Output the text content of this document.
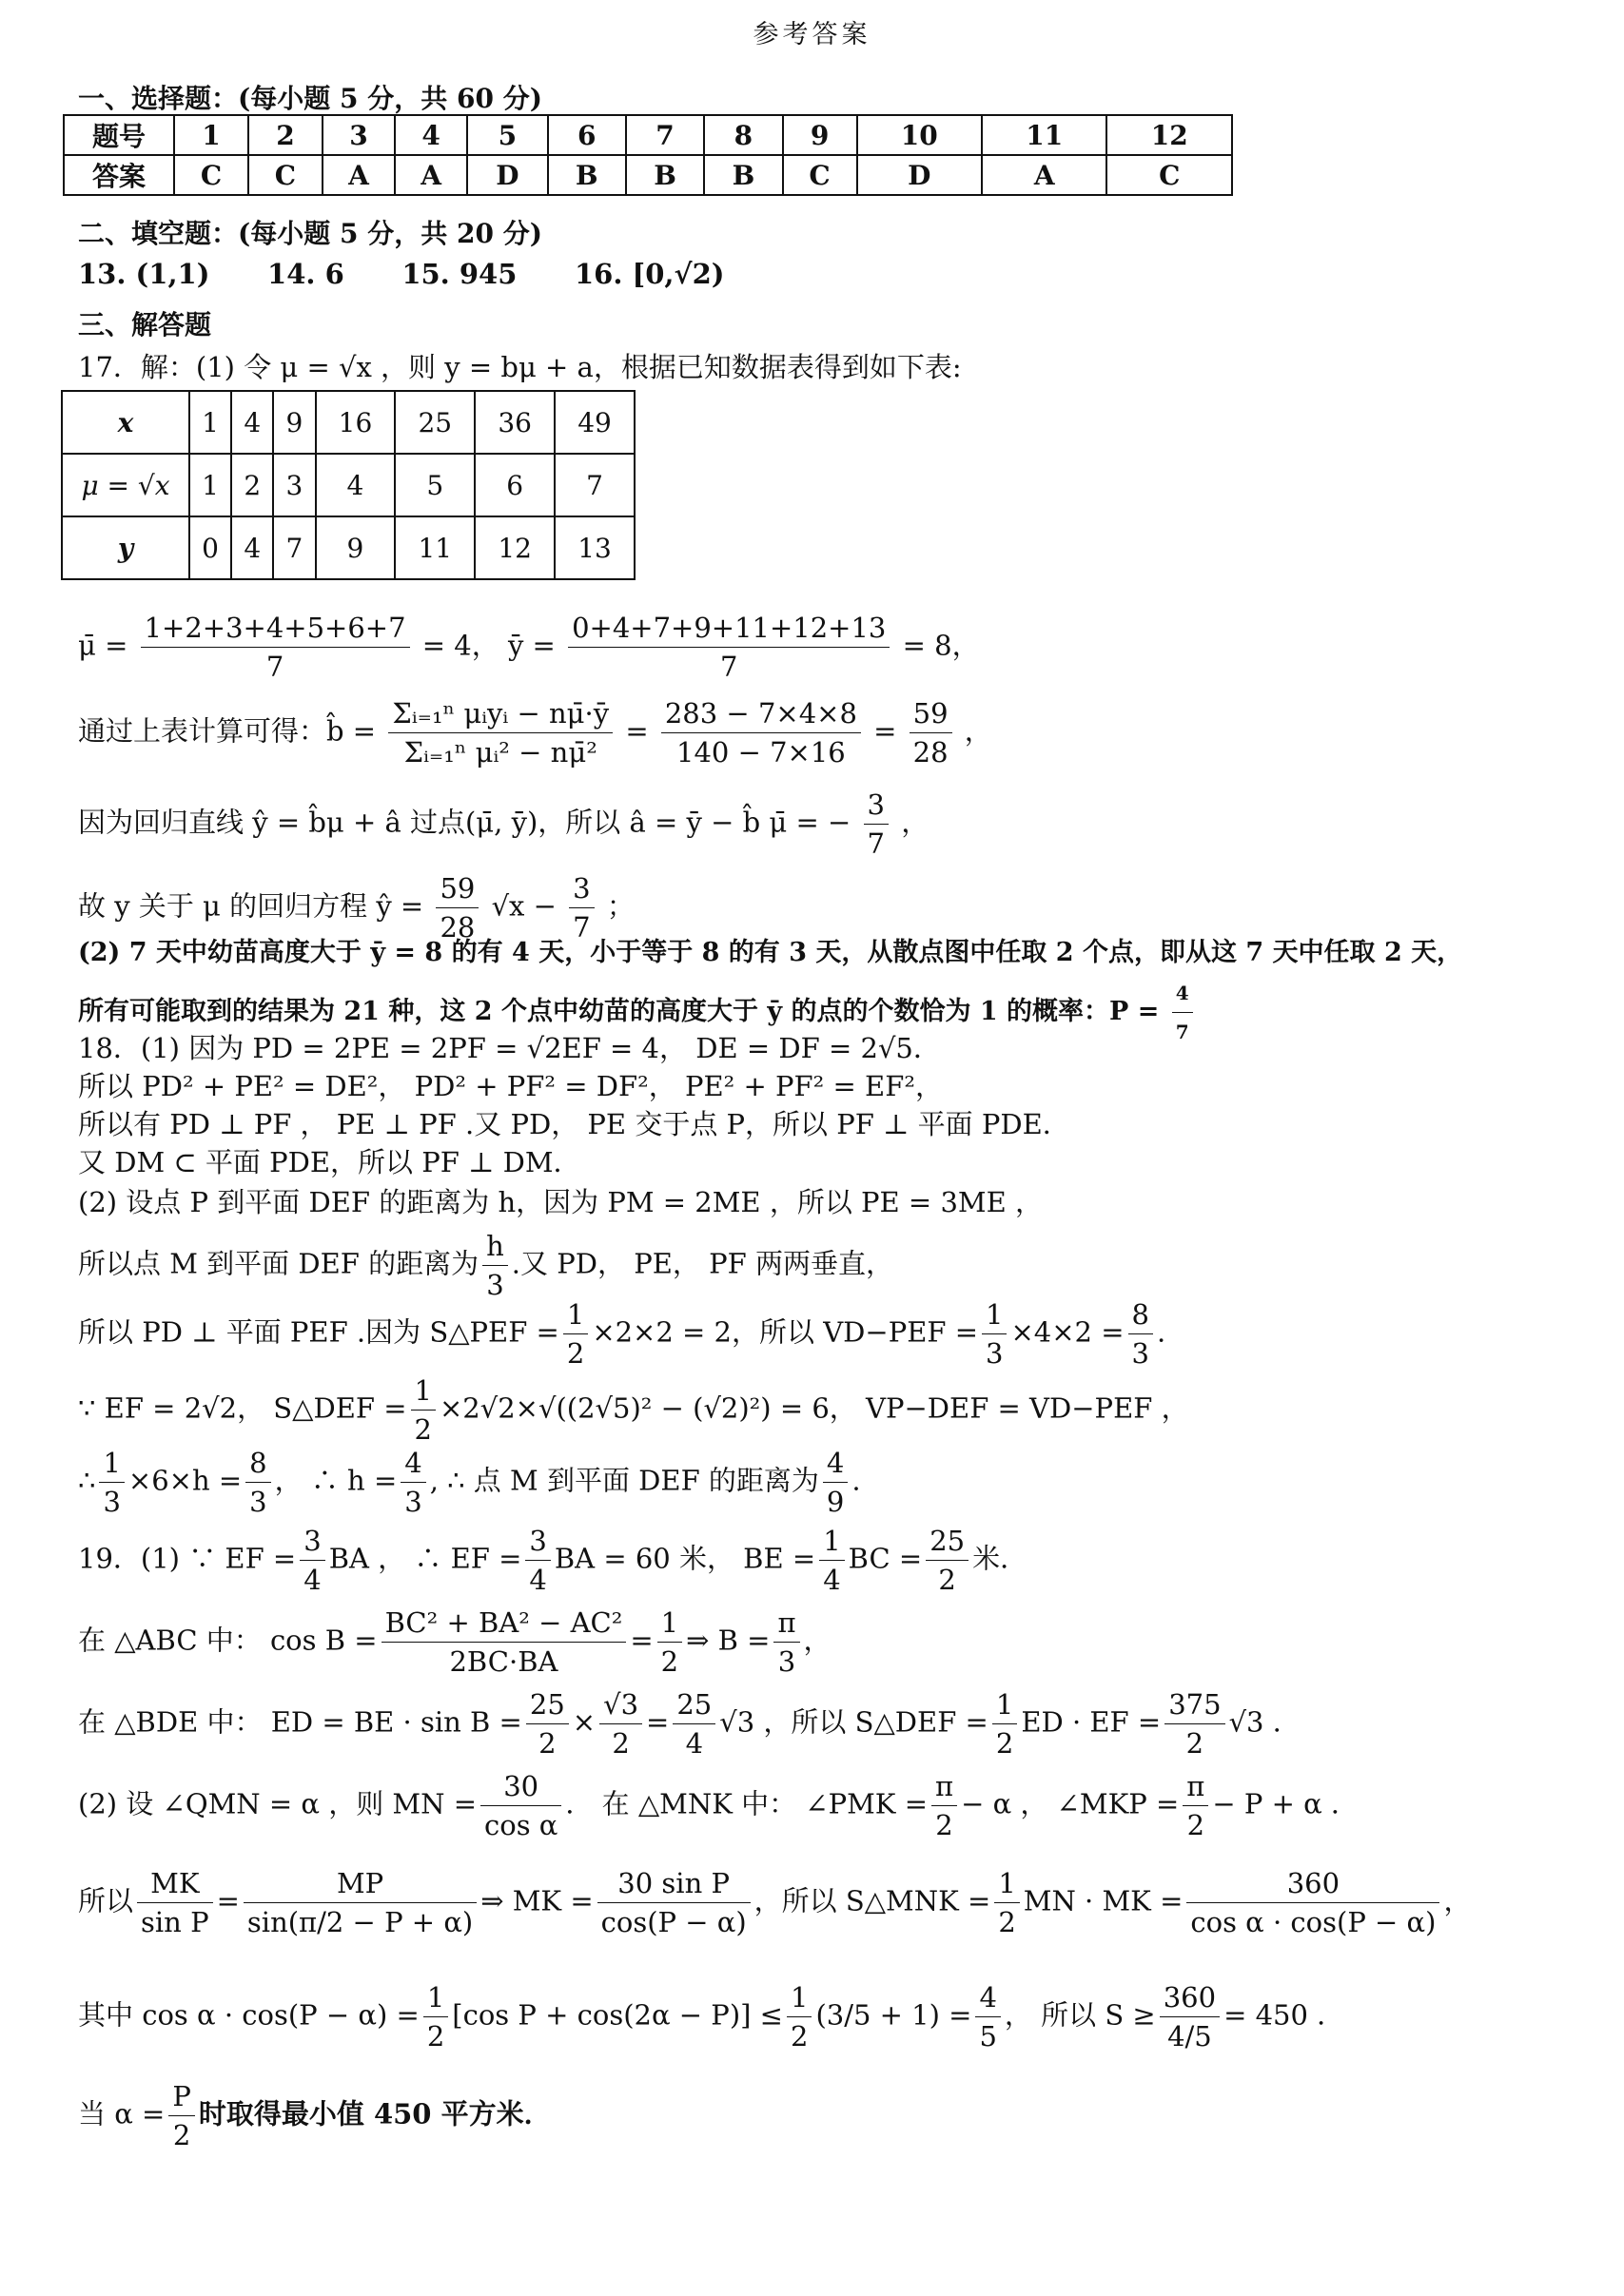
参考答案
一、选择题：(每小题 5 分，共 60 分)
题号	1	2	3	4	5	6	7	8	9	10	11	12
答案	C	C	A	A	D	B	B	B	C	D	A	C
二、填空题：(每小题 5 分，共 20 分)
13. (1,1)      14. 6      15. 945      16. [0,√2)
三、解答题
17．解：(1) 令 μ = √x ，则 y = bμ + a，根据已知数据表得到如下表:
x	1	4	9	16	25	36	49
μ = √x	1	2	3	4	5	6	7
y	0	4	7	9	11	12	13
μ̄ = $\frac{1+2+3+4+5+6+7}{7} = 4$， ȳ = $\frac{0+4+7+9+11+12+13}{7} = 8$，
通过上表计算可得：b̂ = $\frac{\text{Σᵢ₌₁ⁿ μᵢyᵢ − nμ̄·ȳ}}{\text{Σᵢ₌₁ⁿ μᵢ² − nμ̄²}} = \frac{283 - 7\times 4\times 8}{140 - 7\times 16} = \frac{59}{28}$ ，
因为回归直线 ŷ = b̂μ + â 过点(μ̄, ȳ)，所以 â = ȳ − b̂ μ̄ = − $\frac{3}{7}$ ，
故 y 关于 μ 的回归方程 ŷ = $\frac{59}{28} √x - \frac{3}{7}$ ；
(2) 7 天中幼苗高度大于 ȳ = 8 的有 4 天，小于等于 8 的有 3 天，从散点图中任取 2 个点，即从这 7 天中任取 2 天，
所有可能取到的结果为 21 种，这 2 个点中幼苗的高度大于 ȳ 的点的个数恰为 1 的概率：$P = \frac{4}{7}$
18．(1) 因为 PD = 2PE = 2PF = √2EF = 4， DE = DF = 2√5．
所以 PD² + PE² = DE²， PD² + PF² = DF²， PE² + PF² = EF²，
所以有 PD ⊥ PF ， PE ⊥ PF .又 PD， PE 交于点 P，所以 PF ⊥ 平面 PDE．
又 DM ⊂ 平面 PDE，所以 PF ⊥ DM．
(2) 设点 P 到平面 DEF 的距离为 h，因为 PM = 2ME ，所以 PE = 3ME ，
所以点 M 到平面 DEF 的距离为 $\frac{h}{3}$ .又 PD， PE， PF 两两垂直，
所以 PD ⊥ 平面 PEF .因为 S△PEF = $\frac{1}{2} \times 2\times 2 = 2$，所以 $VD-PEF = \frac{1}{3} \times 4\times 2 = \frac{8}{3}$ .
∵ EF = 2√2， S△DEF = $\frac{1}{2} \times 2√2\times√((2√5)^2 - (√2)^2) = 6$， VP−DEF = VD−PEF ，
∴ $\frac{1}{3} \times 6\times h = \frac{8}{3}$ ， ∴ $h = \frac{4}{3}$ , ∴ 点 M 到平面 DEF 的距离为 $\frac{4}{9}$ .
19．(1) ∵ EF = $\frac{3}{4}$ BA ， ∴ EF = $\frac{3}{4}$ BA = 60 米， BE = $\frac{1}{4}$ BC = $\frac{25}{2}$ 米．
在 △ABC 中： $\cos B = \frac{\text{BC² + BA² − AC²}}{2BC\cdot BA} = \frac{1}{2}$ ⇒ $B = \frac{\pi}{3}$ ，
在 △BDE 中： ED = BE · $\sin B = \frac{25}{2} \times \frac{√3}{2} = \frac{25}{4} √3$ ，所以 S△DEF = $\frac{1}{2}$ ED · EF = $\frac{375}{2} √3$ ．
(2) 设 ∠QMN = α ，则 MN = $\frac{30}{\text{cos α}}$ ． 在 △MNK 中： ∠PMK = $\frac{\pi}{2} - \alpha$ ， ∠MKP = $\frac{\pi}{2} - P + \alpha$ ．
所以 $\frac{MK}{\text{sin P}} = \frac{MP}{\sin(\pi/2 - P + \alpha)}$ ⇒ MK = $\frac{\text{30 sin P}}{\cos(P - \alpha)}$ ，所以 S△MNK = $\frac{1}{2}$ MN · MK = $\frac{360}{\text{cos α · cos(P − α)}}$ ，
其中 $\cos \alpha \cdot \cos(P - \alpha) = \frac{1}{2} [\cos$ $P + \cos(2\alpha - P)] \le \frac{1}{2} (3/5 + 1) = \frac{4}{5}$ ， 所以 $S \ge \frac{360}{4/5} = 450$ ．
当 $\alpha = \frac{P}{2}$ 时取得最小值 450 平方米．
